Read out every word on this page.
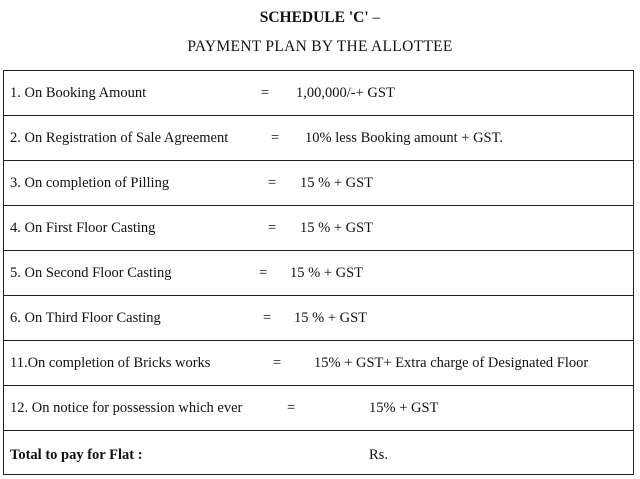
SCHEDULE 'C' –
PAYMENT PLAN BY THE ALLOTTEE
1. On Booking Amount	= 1,00,000/-+ GST
2. On Registration of Sale Agreement	= 10% less Booking amount + GST.
3. On completion of Pilling	= 15 % + GST
4. On First Floor Casting	= 15 % + GST
5. On Second Floor Casting	= 15 % + GST
6. On Third Floor Casting	= 15 % + GST
11.On completion of Bricks works	= 15% + GST+ Extra charge of Designated Floor
12. On notice for possession which ever	=	15% + GST
Total to pay for Flat :	Rs.
